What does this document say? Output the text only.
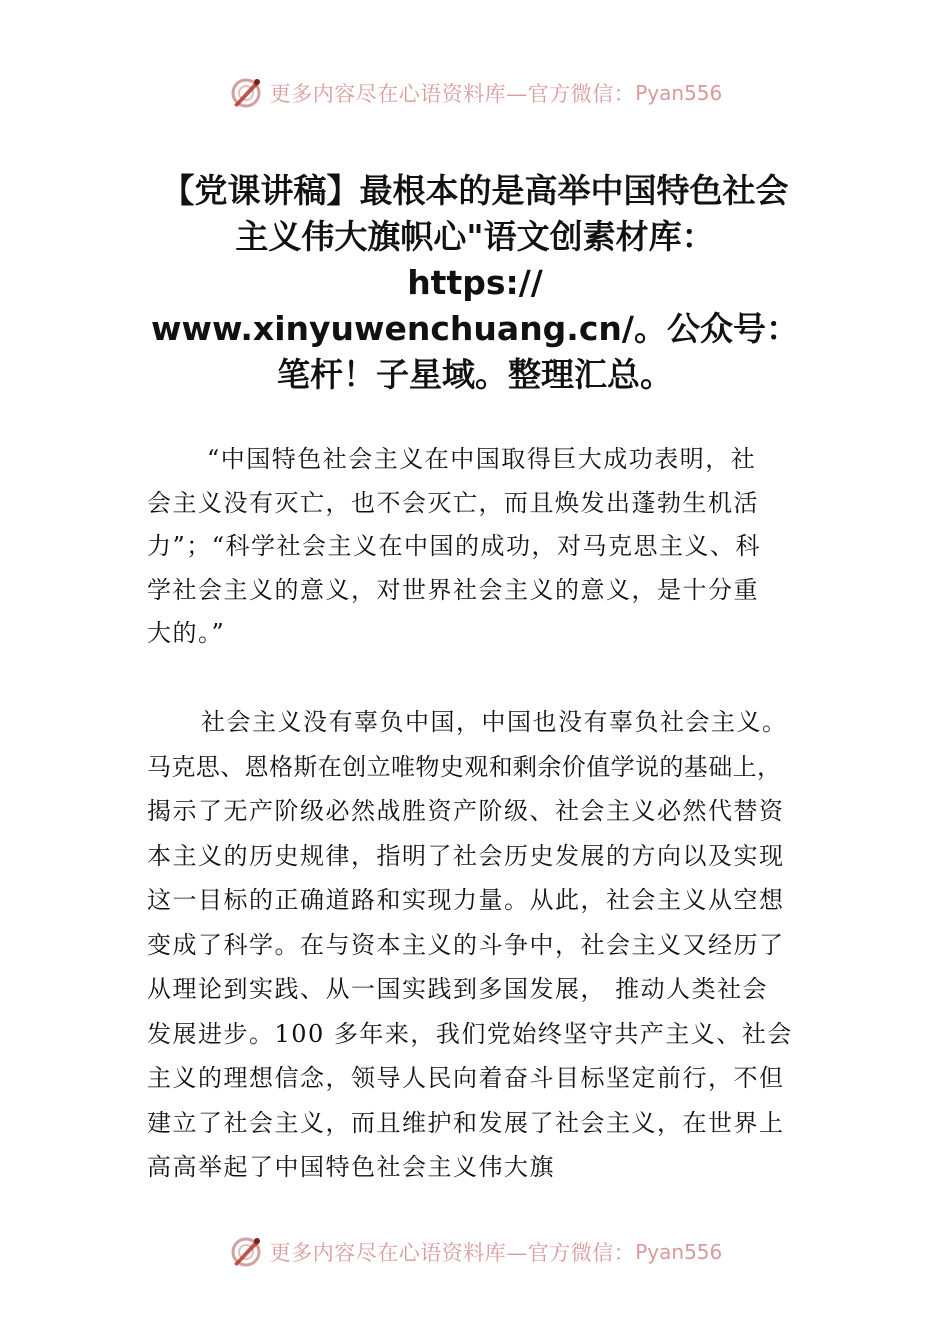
更多内容尽在心语资料库—官方微信： Pyan556
【党课讲稿】最根本的是高举中国特色社会
主义伟大旗帜心"语文创素材库：
https://
www.xinyuwenchuang.cn/。公众号：
笔杆！子星域。整理汇总。

“中国特色社会主义在中国取得巨大成功表明，社
会主义没有灭亡，也不会灭亡，而且焕发出蓬勃生机活
力”；“科学社会主义在中国的成功，对马克思主义、科
学社会主义的意义，对世界社会主义的意义，是十分重
大的。”

社会主义没有辜负中国，中国也没有辜负社会主义。
马克思、恩格斯在创立唯物史观和剩余价值学说的基础上，
揭示了无产阶级必然战胜资产阶级、社会主义必然代替资
本主义的历史规律，指明了社会历史发展的方向以及实现
这一目标的正确道路和实现力量。从此，社会主义从空想
变成了科学。在与资本主义的斗争中，社会主义又经历了
从理论到实践、从一国实践到多国发展， 推动人类社会
发展进步。100 多年来，我们党始终坚守共产主义、社会
主义的理想信念，领导人民向着奋斗目标坚定前行，不但
建立了社会主义，而且维护和发展了社会主义，在世界上
高高举起了中国特色社会主义伟大旗

更多内容尽在心语资料库—官方微信： Pyan556
